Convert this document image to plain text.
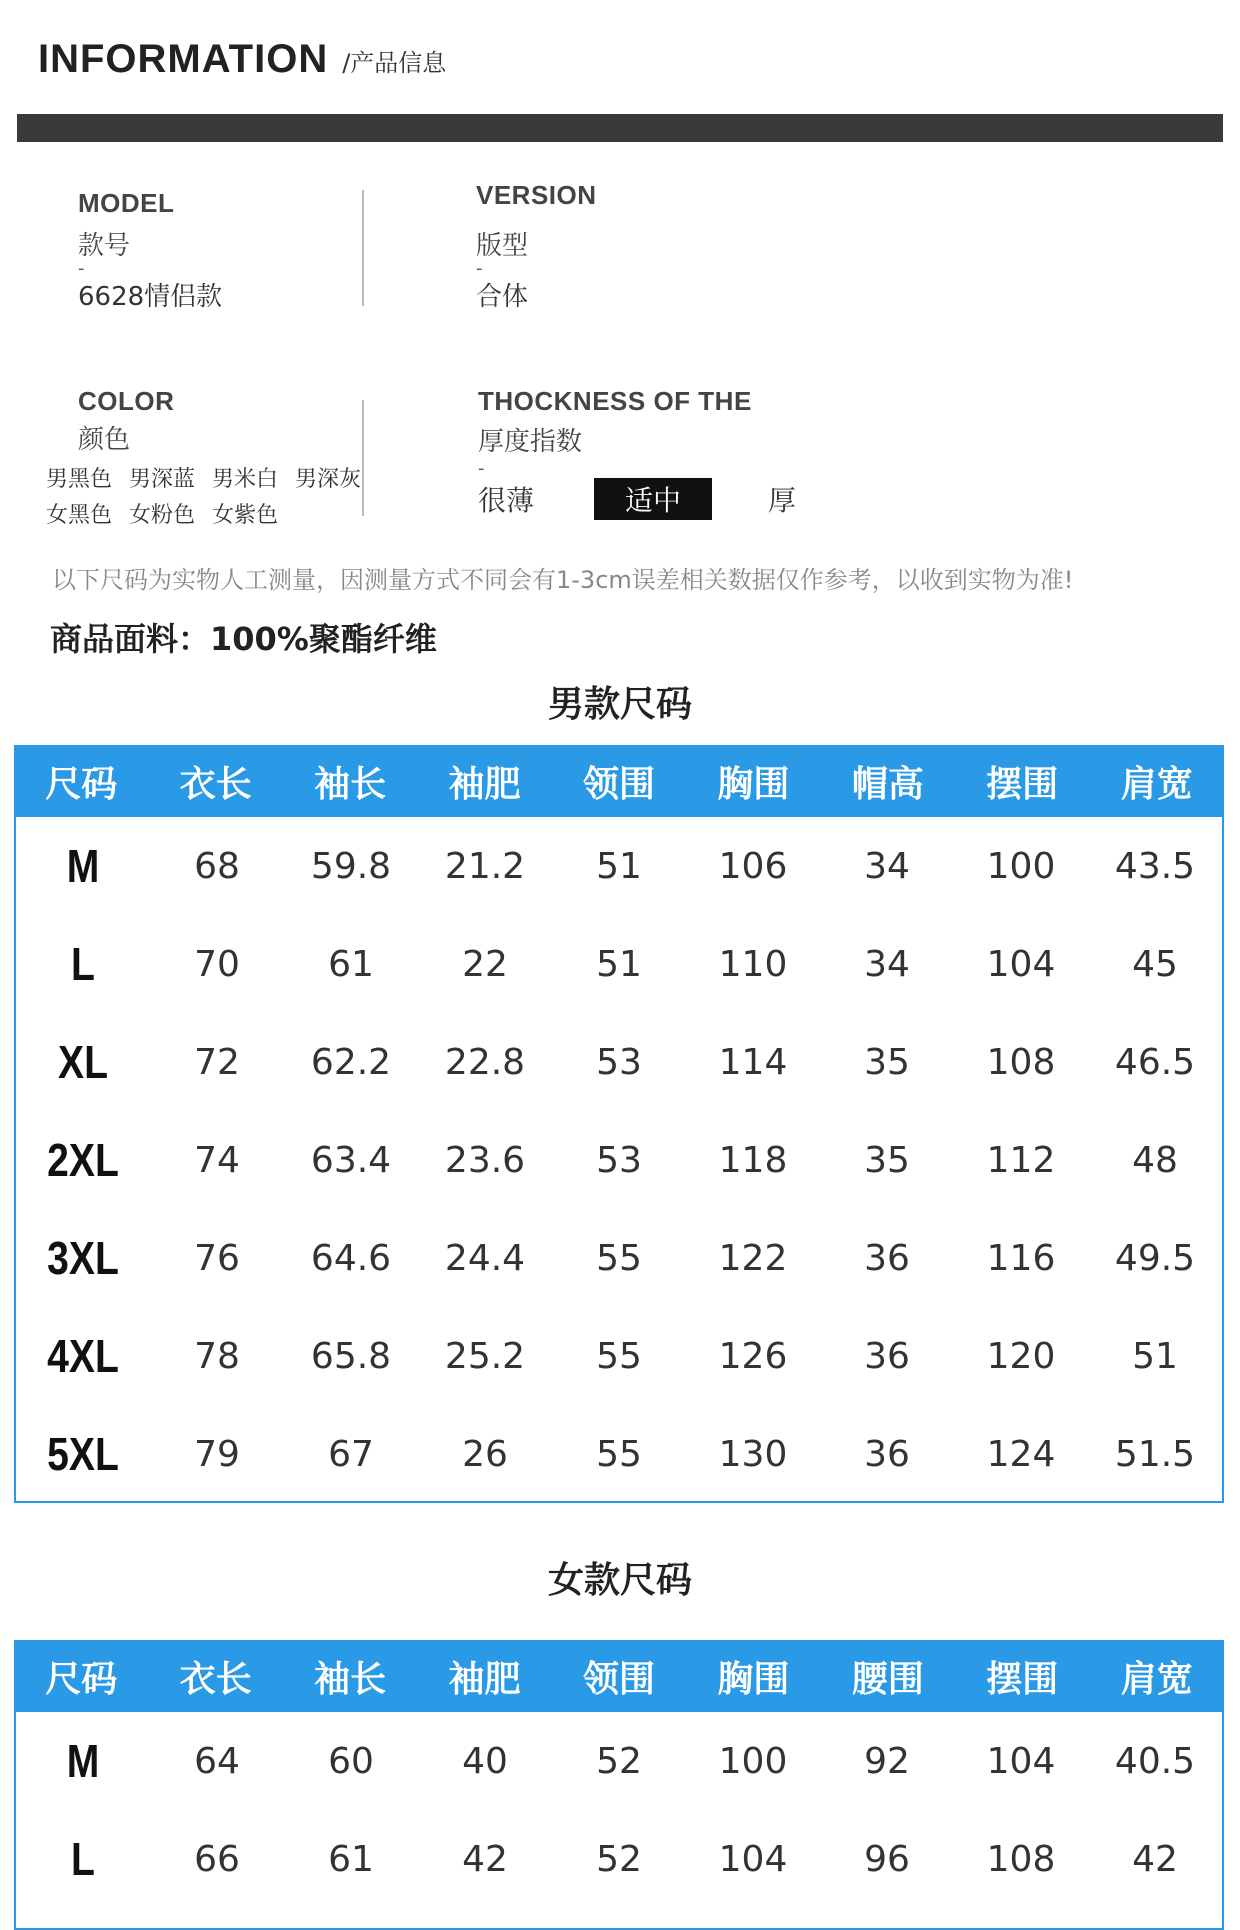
INFORMATION /产品信息
MODEL
款号
-
6628情侣款
VERSION
版型
-
合体
COLOR
颜色
男黑色 男深蓝 男米白 男深灰
女黑色 女粉色 女紫色
THOCKNESS OF THE
厚度指数
-
很薄	适中	厚
以下尺码为实物人工测量，因测量方式不同会有1-3cm误差相关数据仅作参考，以收到实物为准!
商品面料：100%聚酯纤维
男款尺码
尺码	衣长	袖长	袖肥	领围	胸围	帽高	摆围	肩宽
M	68	59.8	21.2	51	106	34	100	43.5
L	70	61	22	51	110	34	104	45
XL	72	62.2	22.8	53	114	35	108	46.5
2XL	74	63.4	23.6	53	118	35	112	48
3XL	76	64.6	24.4	55	122	36	116	49.5
4XL	78	65.8	25.2	55	126	36	120	51
5XL	79	67	26	55	130	36	124	51.5
女款尺码
尺码	衣长	袖长	袖肥	领围	胸围	腰围	摆围	肩宽
M	64	60	40	52	100	92	104	40.5
L	66	61	42	52	104	96	108	42
